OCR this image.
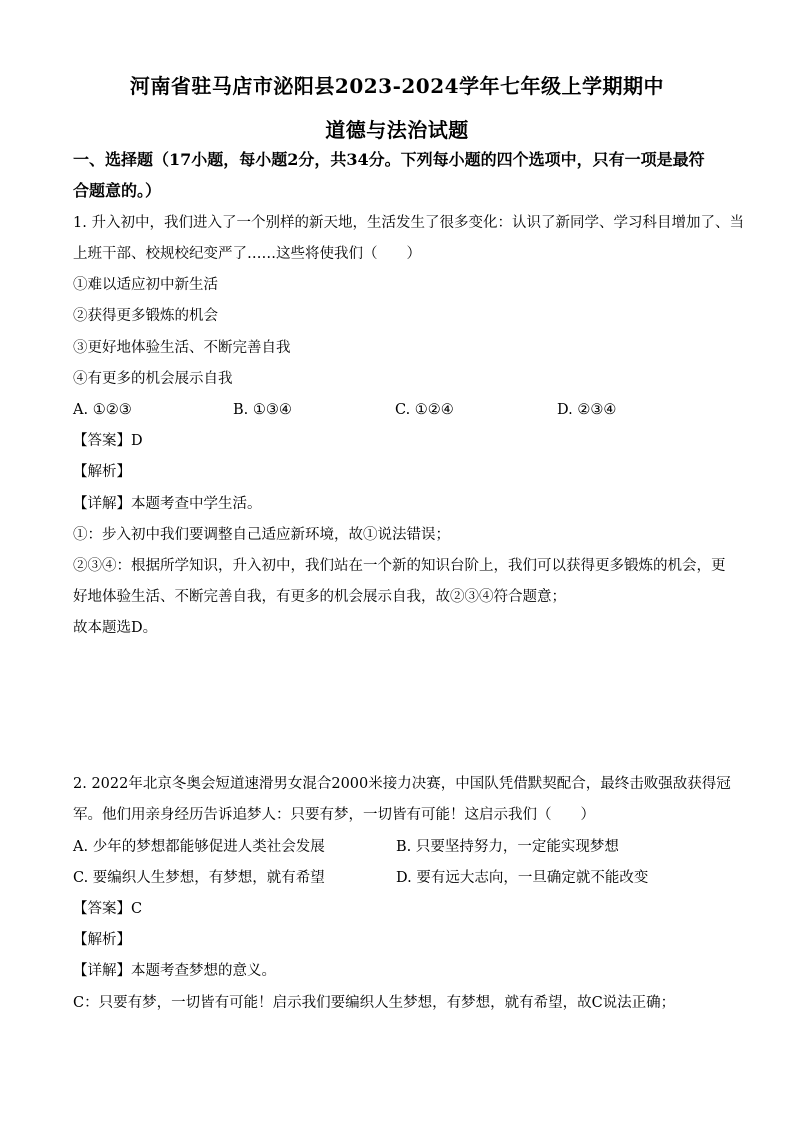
河南省驻马店市泌阳县2023-2024学年七年级上学期期中
道德与法治试题
一、选择题（17小题，每小题2分，共34分。下列每小题的四个选项中，只有一项是最符
合题意的。）
1. 升入初中，我们进入了一个别样的新天地，生活发生了很多变化：认识了新同学、学习科目增加了、当
上班干部、校规校纪变严了……这些将使我们（　　）
①难以适应初中新生活
②获得更多锻炼的机会
③更好地体验生活、不断完善自我
④有更多的机会展示自我
A. ①②③	B. ①③④	C. ①②④	D. ②③④
【答案】D
【解析】
【详解】本题考查中学生活。
①：步入初中我们要调整自己适应新环境，故①说法错误；
②③④：根据所学知识，升入初中，我们站在一个新的知识台阶上，我们可以获得更多锻炼的机会，更
好地体验生活、不断完善自我，有更多的机会展示自我，故②③④符合题意；
故本题选D。
2. 2022年北京冬奥会短道速滑男女混合2000米接力决赛，中国队凭借默契配合，最终击败强敌获得冠
军。他们用亲身经历告诉追梦人：只要有梦，一切皆有可能！这启示我们（　　）
A. 少年的梦想都能够促进人类社会发展	B. 只要坚持努力，一定能实现梦想
C. 要编织人生梦想，有梦想，就有希望	D. 要有远大志向，一旦确定就不能改变
【答案】C
【解析】
【详解】本题考查梦想的意义。
C：只要有梦，一切皆有可能！启示我们要编织人生梦想，有梦想，就有希望，故C说法正确；
